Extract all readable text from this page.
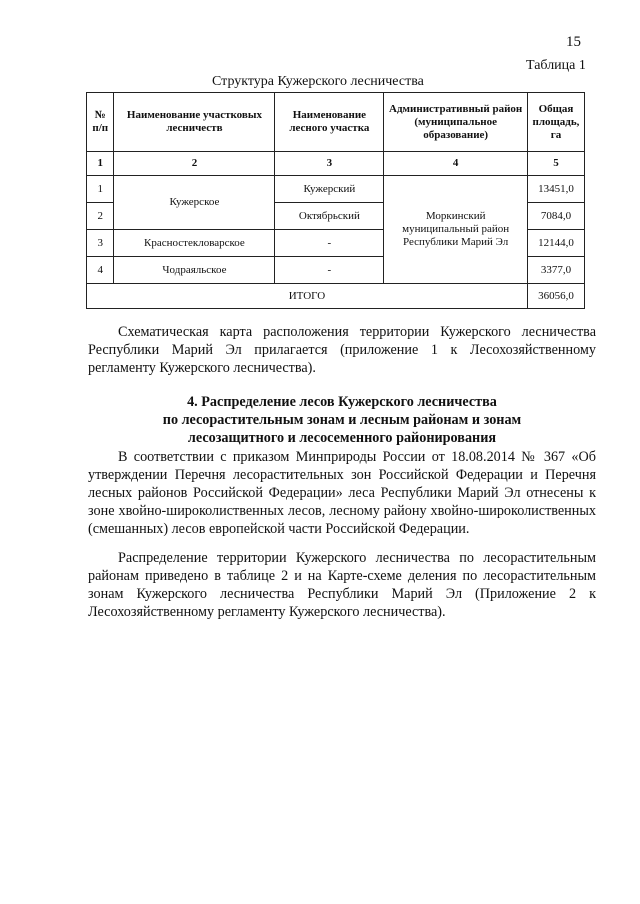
15
Таблица 1
Структура Кужерского лесничества
№ п/п	Наименование участковых лесничеств	Наименование лесного участка	Административный район (муниципальное образование)	Общая площадь, га
1	2	3	4	5
1	Кужерское	Кужерский	Моркинский муниципальный район Республики Марий Эл	13451,0
2		Октябрьский		7084,0
3	Красностекловарское	-		12144,0
4	Чодраяльское	-		3377,0
ИТОГО				36056,0

Схематическая карта расположения территории Кужерского лесничества Республики Марий Эл прилагается (приложение 1 к Лесохозяйственному регламенту Кужерского лесничества).

4. Распределение лесов Кужерского лесничества
по лесорастительным зонам и лесным районам и зонам
лесозащитного и лесосеменного районирования

В соответствии с приказом Минприроды России от 18.08.2014 № 367 «Об утверждении Перечня лесорастительных зон Российской Федерации и Перечня лесных районов Российской Федерации» леса Республики Марий Эл отнесены к зоне хвойно-широколиственных лесов, лесному району хвойно-широколиственных (смешанных) лесов европейской части Российской Федерации.

Распределение территории Кужерского лесничества по лесорастительным районам приведено в таблице 2 и на Карте-схеме деления по лесорастительным зонам Кужерского лесничества Республики Марий Эл (Приложение 2 к Лесохозяйственному регламенту Кужерского лесничества).
